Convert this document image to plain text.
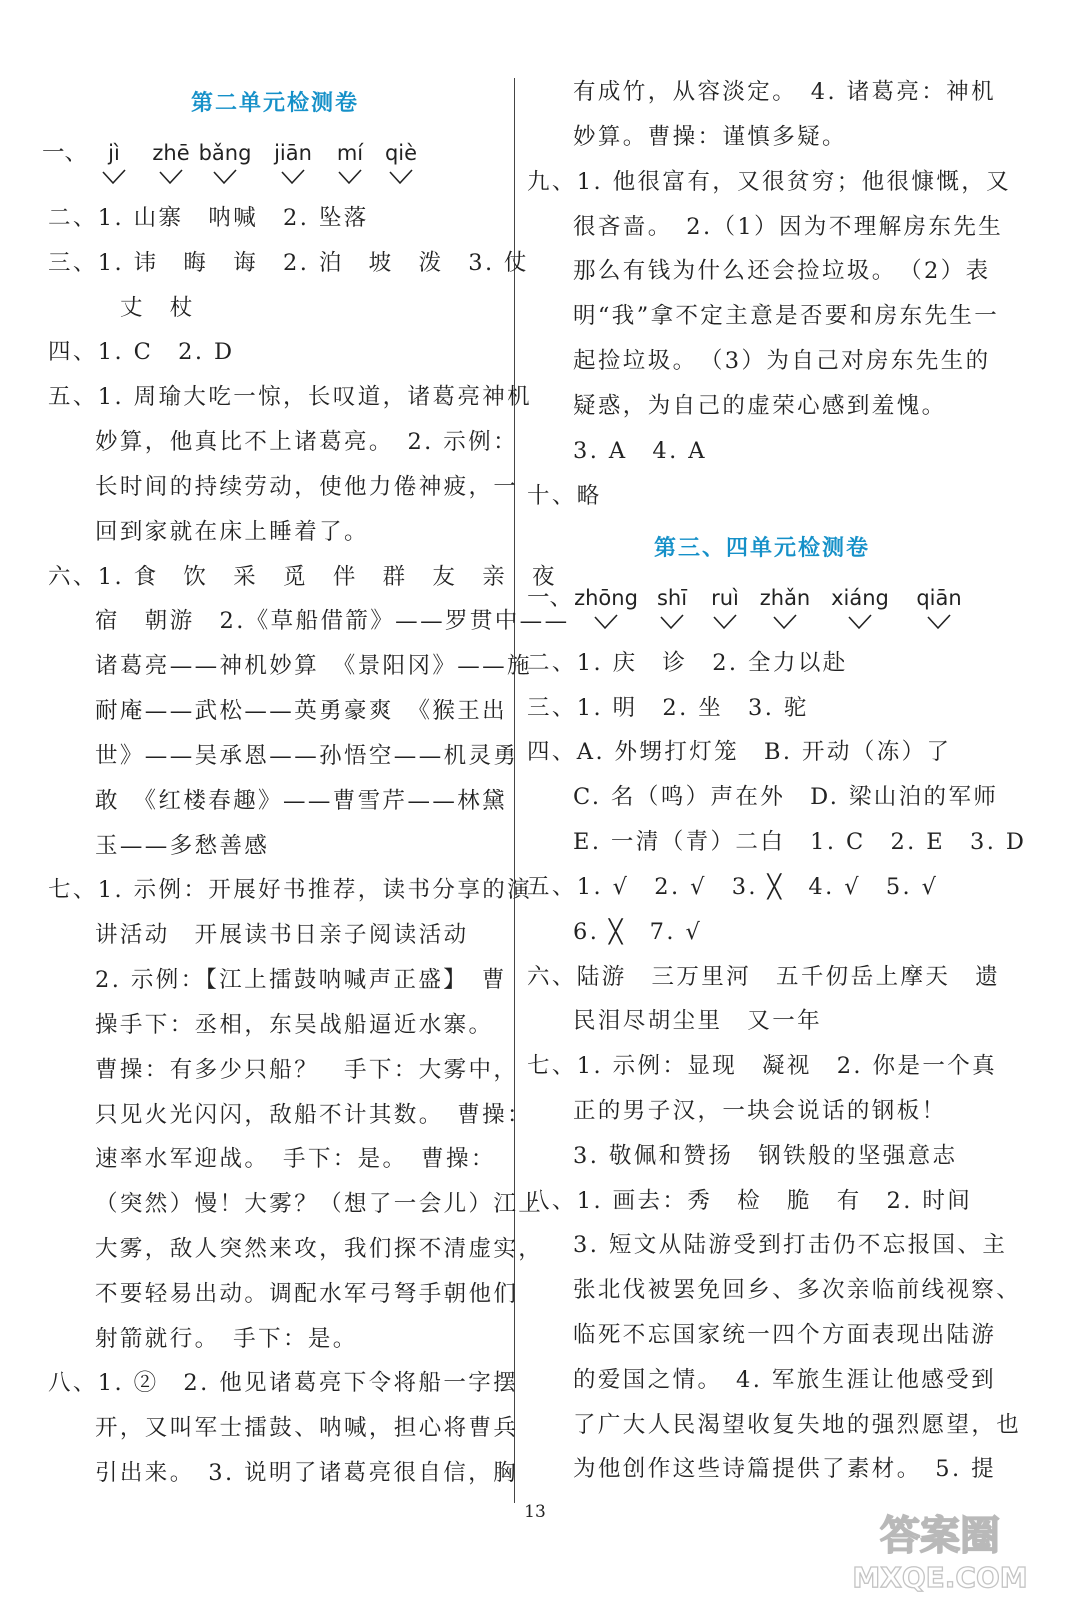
第二单元检测卷
一、	jì	zhē bǎng	jiān	mí	qiè
二、1. 山寨　呐喊　2. 坠落
三、1. 讳　晦　诲　2. 泊　坡　泼　3. 仗
丈　杖
四、1. C　2. D
五、1. 周瑜大吃一惊，长叹道，诸葛亮神机
妙算，他真比不上诸葛亮。　2. 示例：
长时间的持续劳动，使他力倦神疲，一
回到家就在床上睡着了。
六、1. 食　饮　采　觅　伴　群　友　亲　夜
宿　朝游　2.《草船借箭》——罗贯中——
诸葛亮——神机妙算　《景阳冈》——施
耐庵——武松——英勇豪爽　《猴王出
世》——吴承恩——孙悟空——机灵勇
敢　《红楼春趣》——曹雪芹——林黛
玉——多愁善感
七、1. 示例：开展好书推荐，读书分享的演
讲活动　开展读书日亲子阅读活动
2. 示例：【江上擂鼓呐喊声正盛】　曹
操手下：丞相，东吴战船逼近水寨。
曹操：有多少只船？　手下：大雾中，
只见火光闪闪，敌船不计其数。　曹操：
速率水军迎战。　手下：是。　曹操：
（突然）慢！大雾？（想了一会儿）江上
大雾，敌人突然来攻，我们探不清虚实，
不要轻易出动。调配水军弓弩手朝他们
射箭就行。　手下：是。
八、1. ②　2. 他见诸葛亮下令将船一字摆
开，又叫军士擂鼓、呐喊，担心将曹兵
引出来。　3. 说明了诸葛亮很自信，胸
有成竹，从容淡定。　4. 诸葛亮：神机
妙算。曹操：谨慎多疑。
九、1. 他很富有，又很贫穷；他很慷慨，又
很吝啬。　2.（1）因为不理解房东先生
那么有钱为什么还会捡垃圾。　（2）表
明“我”拿不定主意是否要和房东先生一
起捡垃圾。　（3）为自己对房东先生的
疑惑，为自己的虚荣心感到羞愧。
3. A　4. A
十、略
第三、四单元检测卷
一、 zhōng shī	ruì zhǎn xiáng	qiān
二、1. 庆　诊　2. 全力以赴
三、1. 明　2. 坐　3. 驼
四、A. 外甥打灯笼　B. 开动（冻）了
C. 名（鸣）声在外　D. 梁山泊的军师
E. 一清（青）二白　1. C　2. E　3. D
五、1. √　2. √　3. ╳　4. √　5. √
6. ╳　7. √
六、陆游　三万里河　五千仞岳上摩天　遗
民泪尽胡尘里　又一年
七、1. 示例：显现　凝视　2. 你是一个真
正的男子汉，一块会说话的钢板！
3. 敬佩和赞扬　钢铁般的坚强意志
八、1. 画去：秀　检　脆　有　2. 时间
3. 短文从陆游受到打击仍不忘报国、主
张北伐被罢免回乡、多次亲临前线视察、
临死不忘国家统一四个方面表现出陆游
的爱国之情。　4. 军旅生涯让他感受到
了广大人民渴望收复失地的强烈愿望，也
为他创作这些诗篇提供了素材。　5. 提
13
答案圈
MXQE.COM
